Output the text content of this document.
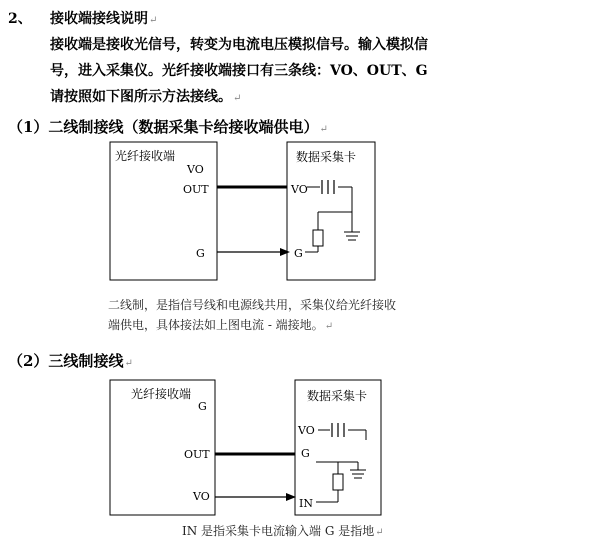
2、 接收端接线说明↵
接收端是接收光信号，转变为电流电压模拟信号。输入模拟信
号，进入采集仪。光纤接收端接口有三条线：VO、OUT、G
请按照如下图所示方法接线。↵
（1）二线制接线（数据采集卡给接收端供电）↵
光纤接收端
VO
OUT
G
数据采集卡
VO
G
光纤接收端
G
OUT
VO
数据采集卡
VO
G
IN
二线制，是指信号线和电源线共用，采集仪给光纤接收
端供电，具体接法如上图电流 - 端接地。↵
（2）三线制接线↵
IN 是指采集卡电流输入端 G 是指地↵
